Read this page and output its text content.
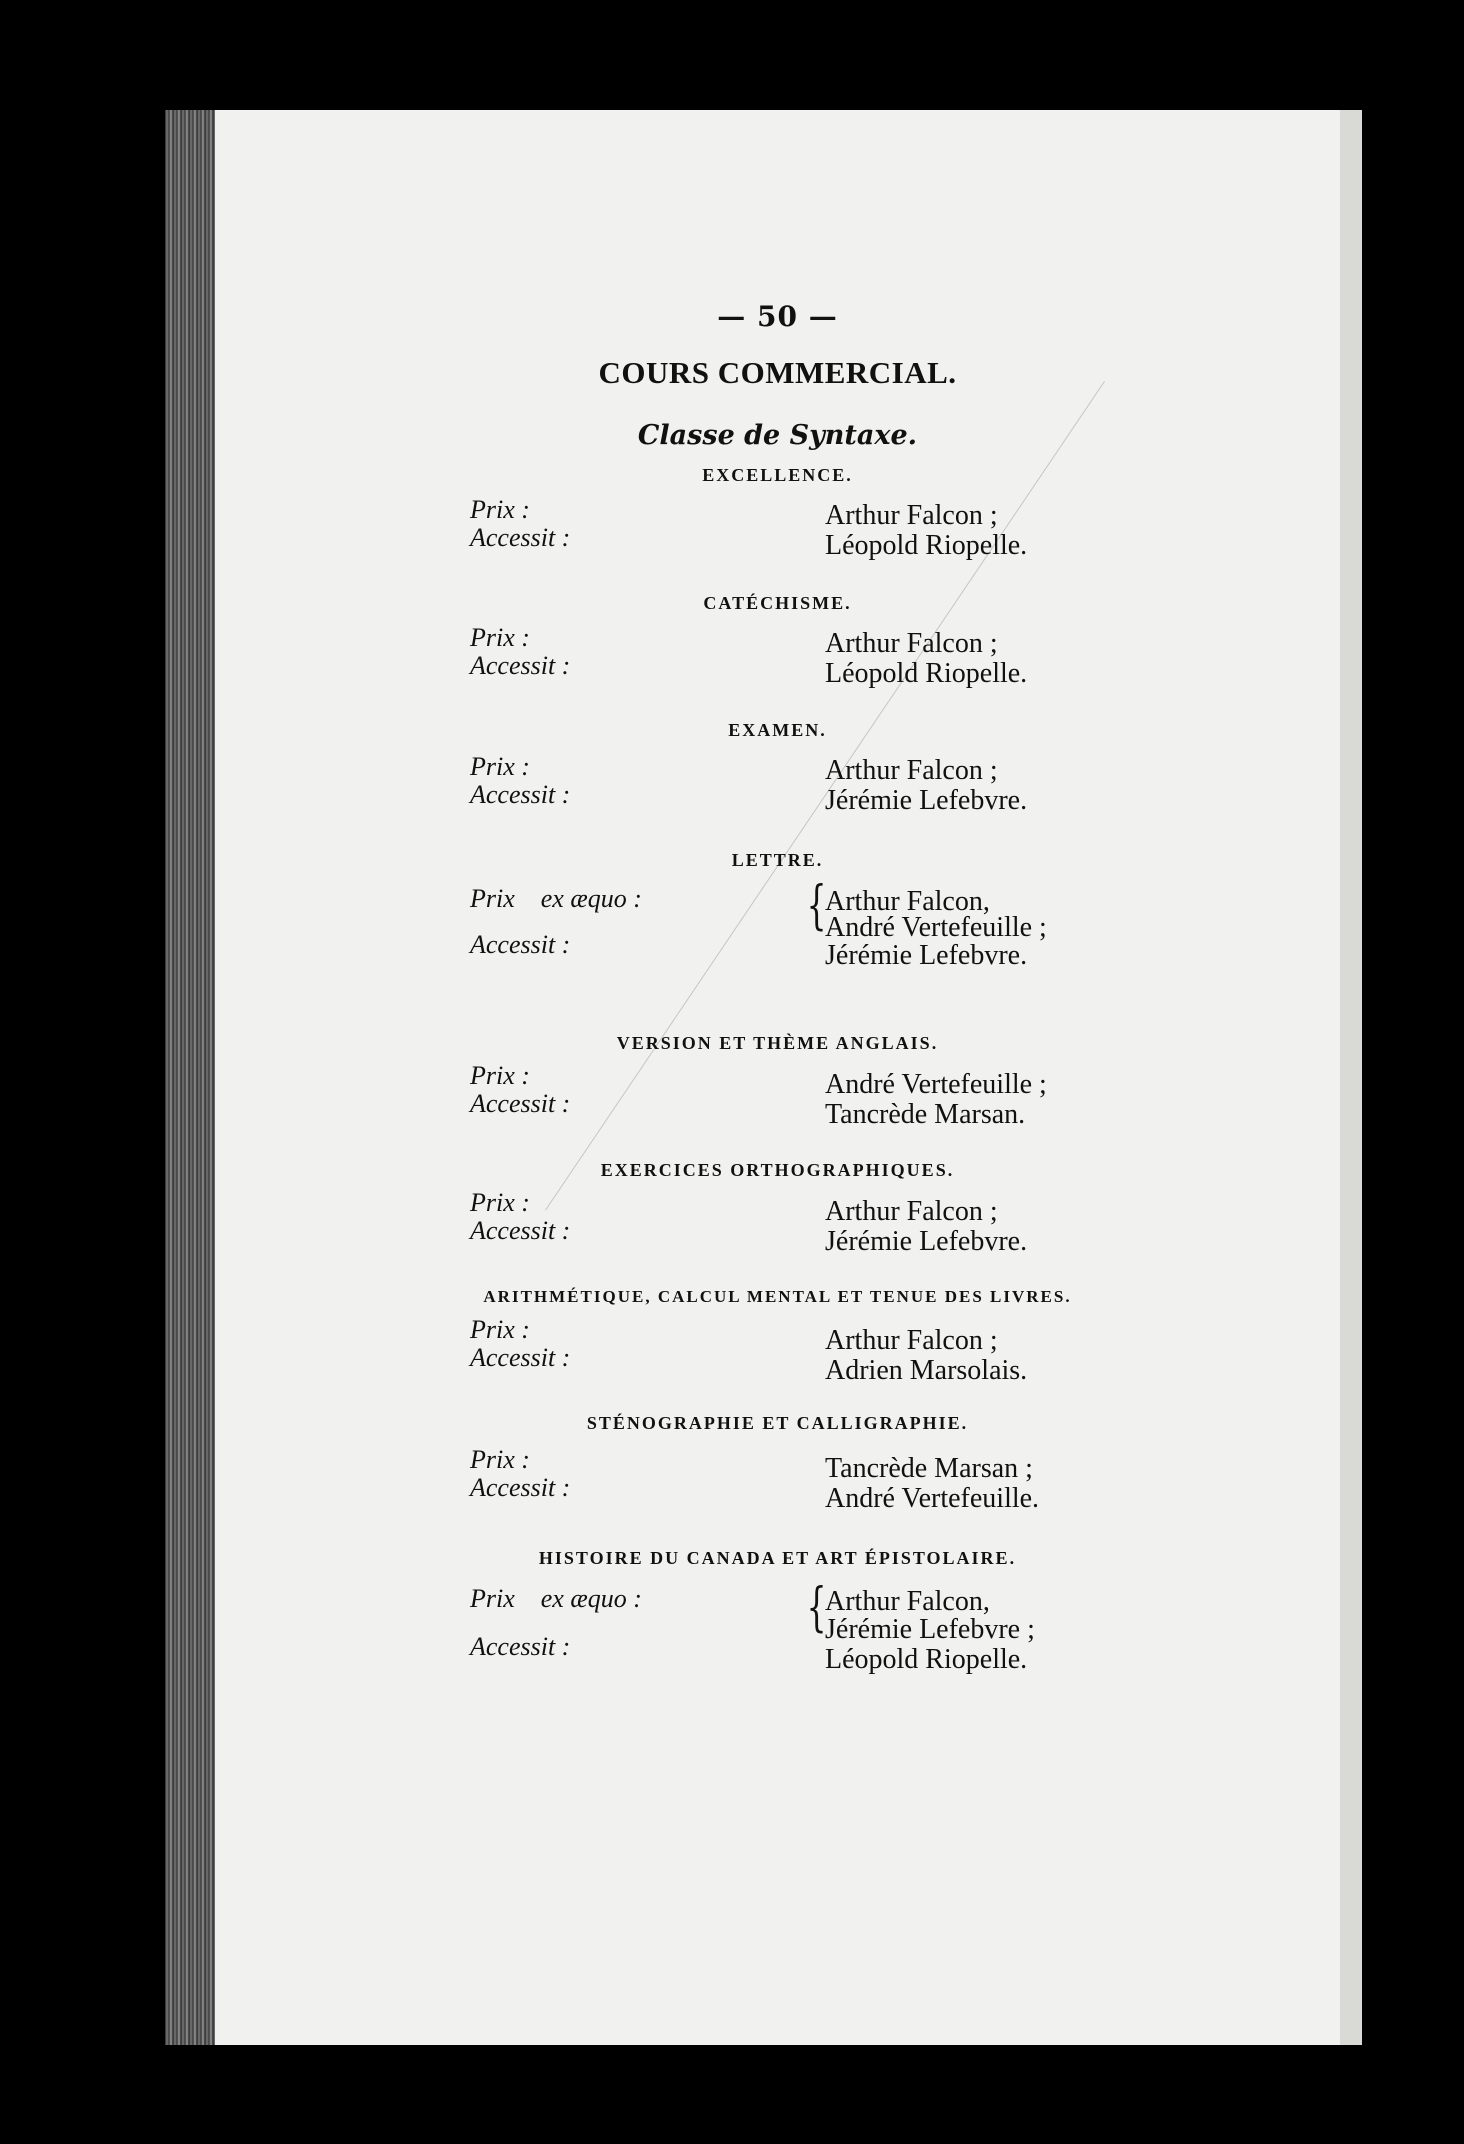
— 50 —
COURS COMMERCIAL.
Classe de Syntaxe.
EXCELLENCE.
Prix :
Accessit :
Arthur Falcon ;
Léopold Riopelle.
CATÉCHISME.
Prix :
Accessit :
Arthur Falcon ;
Léopold Riopelle.
EXAMEN.
Prix :
Accessit :
Arthur Falcon ;
Jérémie Lefebvre.
LETTRE.
Prix ex æquo :
Accessit :
{
Arthur Falcon,
André Vertefeuille ;
Jérémie Lefebvre.
VERSION ET THÈME ANGLAIS.
Prix :
Accessit :
André Vertefeuille ;
Tancrède Marsan.
EXERCICES ORTHOGRAPHIQUES.
Prix :
Accessit :
Arthur Falcon ;
Jérémie Lefebvre.
ARITHMÉTIQUE, CALCUL MENTAL ET TENUE DES LIVRES.
Prix :
Accessit :
Arthur Falcon ;
Adrien Marsolais.
STÉNOGRAPHIE ET CALLIGRAPHIE.
Prix :
Accessit :
Tancrède Marsan ;
André Vertefeuille.
HISTOIRE DU CANADA ET ART ÉPISTOLAIRE.
Prix ex æquo :
Accessit :
{
Arthur Falcon,
Jérémie Lefebvre ;
Léopold Riopelle.
